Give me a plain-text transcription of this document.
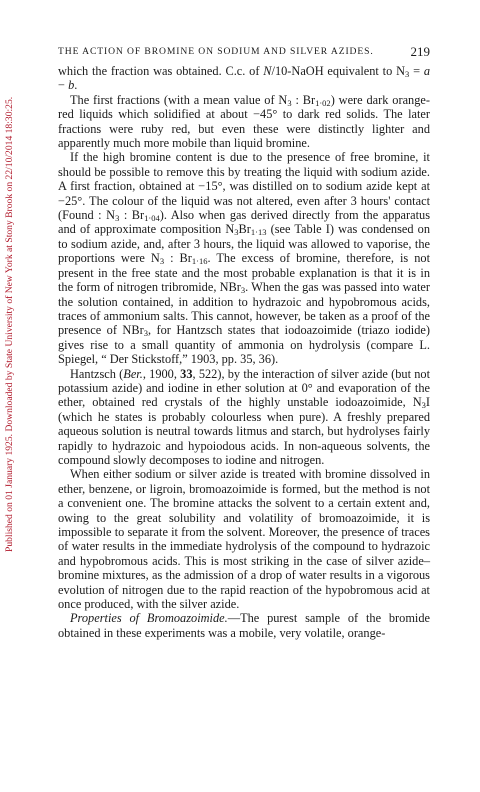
Published on 01 January 1925. Downloaded by State University of New York at Stony Brook on 22/10/2014 18:30:25.
THE ACTION OF BROMINE ON SODIUM AND SILVER AZIDES.	219

which the fraction was obtained. C.c. of N/10-NaOH equivalent to $N_3 = a - b$.

The first fractions (with a mean value of $N_3$ : $Br_{1\cdot 02}$) were dark orange-red liquids which solidified at about −45° to dark red solids. The later fractions were ruby red, but even these were distinctly lighter and apparently much more mobile than liquid bromine.

If the high bromine content is due to the presence of free bromine, it should be possible to remove this by treating the liquid with sodium azide. A first fraction, obtained at −15°, was distilled on to sodium azide kept at −25°. The colour of the liquid was not altered, even after 3 hours' contact (Found : $N_3$ : $Br_{1\cdot 04}$). Also when gas derived directly from the apparatus and of approximate composition $N_3Br_{1\cdot 13}$ (see Table I) was condensed on to sodium azide, and, after 3 hours, the liquid was allowed to vaporise, the proportions were $N_3$ : $Br_{1\cdot 16}$. The excess of bromine, therefore, is not present in the free state and the most probable explanation is that it is in the form of nitrogen tribromide, NBr$_3$. When the gas was passed into water the solution contained, in addition to hydrazoic and hypobromous acids, traces of ammonium salts. This cannot, however, be taken as a proof of the presence of NBr$_3$, for Hantzsch states that iodoazoimide (triazo iodide) gives rise to a small quantity of ammonia on hydrolysis (compare L. Spiegel, “ Der Stickstoff,” 1903, pp. 35, 36).

Hantzsch (Ber., 1900, 33, 522), by the interaction of silver azide (but not potassium azide) and iodine in ether solution at 0° and evaporation of the ether, obtained red crystals of the highly unstable iodoazoimide, $N_3I$ (which he states is probably colourless when pure). A freshly prepared aqueous solution is neutral towards litmus and starch, but hydrolyses fairly rapidly to hydrazoic and hypoiodous acids. In non-aqueous solvents, the compound slowly decomposes to iodine and nitrogen.

When either sodium or silver azide is treated with bromine dissolved in ether, benzene, or ligroin, bromoazoimide is formed, but the method is not a convenient one. The bromine attacks the solvent to a certain extent and, owing to the great solubility and volatility of bromoazoimide, it is impossible to separate it from the solvent. Moreover, the presence of traces of water results in the immediate hydrolysis of the compound to hydrazoic and hypobromous acids. This is most striking in the case of silver azide–bromine mixtures, as the admission of a drop of water results in a vigorous evolution of nitrogen due to the rapid reaction of the hypobromous acid at once produced, with the silver azide.

Properties of Bromoazoimide.—The purest sample of the bromide obtained in these experiments was a mobile, very volatile, orange-
